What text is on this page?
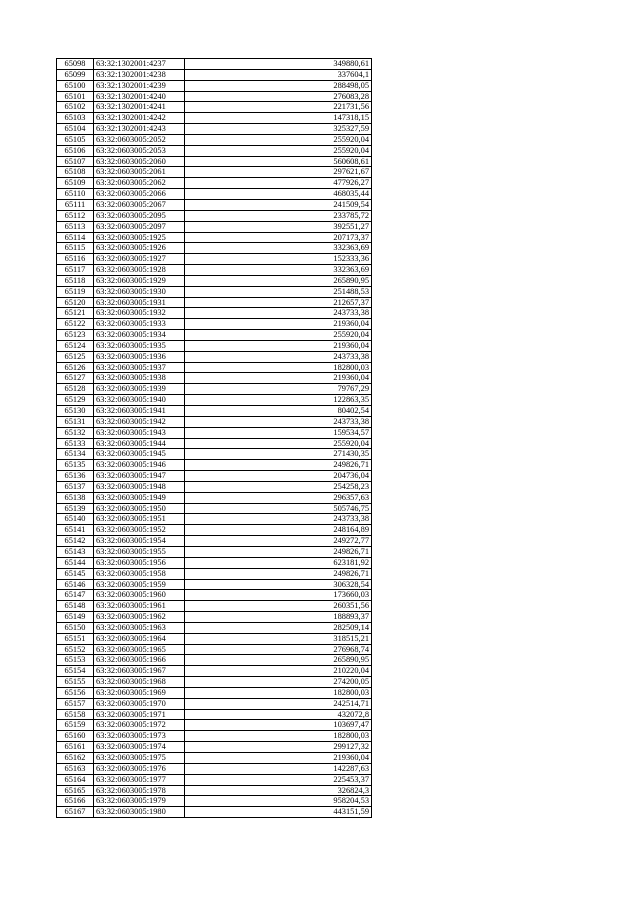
65098	63:32:1302001:4237	349880,61
65099	63:32:1302001:4238	337604,1
65100	63:32:1302001:4239	288498,05
65101	63:32:1302001:4240	276083,28
65102	63:32:1302001:4241	221731,56
65103	63:32:1302001:4242	147318,15
65104	63:32:1302001:4243	325327,59
65105	63:32:0603005:2052	255920,04
65106	63:32:0603005:2053	255920,04
65107	63:32:0603005:2060	560608,61
65108	63:32:0603005:2061	297621,67
65109	63:32:0603005:2062	477926,27
65110	63:32:0603005:2066	468035,44
65111	63:32:0603005:2067	241509,54
65112	63:32:0603005:2095	233785,72
65113	63:32:0603005:2097	392551,27
65114	63:32:0603005:1925	207173,37
65115	63:32:0603005:1926	332363,69
65116	63:32:0603005:1927	152333,36
65117	63:32:0603005:1928	332363,69
65118	63:32:0603005:1929	265890,95
65119	63:32:0603005:1930	251488,53
65120	63:32:0603005:1931	212657,37
65121	63:32:0603005:1932	243733,38
65122	63:32:0603005:1933	219360,04
65123	63:32:0603005:1934	255920,04
65124	63:32:0603005:1935	219360,04
65125	63:32:0603005:1936	243733,38
65126	63:32:0603005:1937	182800,03
65127	63:32:0603005:1938	219360,04
65128	63:32:0603005:1939	79767,29
65129	63:32:0603005:1940	122863,35
65130	63:32:0603005:1941	80402,54
65131	63:32:0603005:1942	243733,38
65132	63:32:0603005:1943	159534,57
65133	63:32:0603005:1944	255920,04
65134	63:32:0603005:1945	271430,35
65135	63:32:0603005:1946	249826,71
65136	63:32:0603005:1947	204736,04
65137	63:32:0603005:1948	254258,23
65138	63:32:0603005:1949	296357,63
65139	63:32:0603005:1950	505746,75
65140	63:32:0603005:1951	243733,38
65141	63:32:0603005:1952	248164,89
65142	63:32:0603005:1954	249272,77
65143	63:32:0603005:1955	249826,71
65144	63:32:0603005:1956	623181,92
65145	63:32:0603005:1958	249826,71
65146	63:32:0603005:1959	306328,54
65147	63:32:0603005:1960	173660,03
65148	63:32:0603005:1961	260351,56
65149	63:32:0603005:1962	188893,37
65150	63:32:0603005:1963	282509,14
65151	63:32:0603005:1964	318515,21
65152	63:32:0603005:1965	276968,74
65153	63:32:0603005:1966	265890,95
65154	63:32:0603005:1967	210220,04
65155	63:32:0603005:1968	274200,05
65156	63:32:0603005:1969	182800,03
65157	63:32:0603005:1970	242514,71
65158	63:32:0603005:1971	432072,8
65159	63:32:0603005:1972	103697,47
65160	63:32:0603005:1973	182800,03
65161	63:32:0603005:1974	299127,32
65162	63:32:0603005:1975	219360,04
65163	63:32:0603005:1976	142287,63
65164	63:32:0603005:1977	225453,37
65165	63:32:0603005:1978	326824,3
65166	63:32:0603005:1979	958204,53
65167	63:32:0603005:1980	443151,59
